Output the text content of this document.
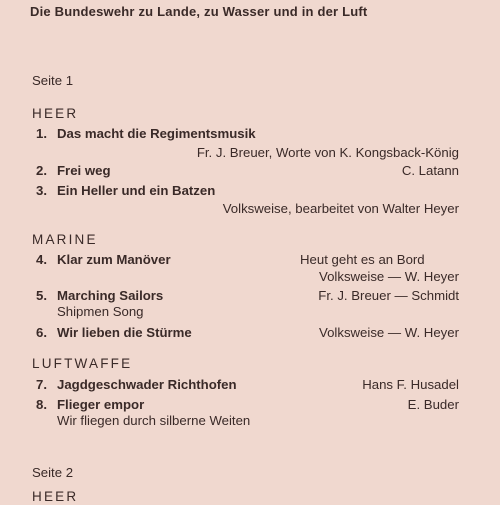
Die Bundeswehr zu Lande, zu Wasser und in der Luft
Seite 1
HEER
1. Das macht die Regimentsmusik
Fr. J. Breuer, Worte von K. Kongsback-König
2. Frei weg	C. Latann
3. Ein Heller und ein Batzen
Volksweise, bearbeitet von Walter Heyer
MARINE
4. Klar zum Manöver	Heut geht es an Bord
Volksweise — W. Heyer
5. Marching Sailors	Fr. J. Breuer — Schmidt
Shipmen Song
6. Wir lieben die Stürme	Volksweise — W. Heyer
LUFTWAFFE
7. Jagdgeschwader Richthofen	Hans F. Husadel
8. Flieger empor	E. Buder
Wir fliegen durch silberne Weiten
Seite 2
HEER
